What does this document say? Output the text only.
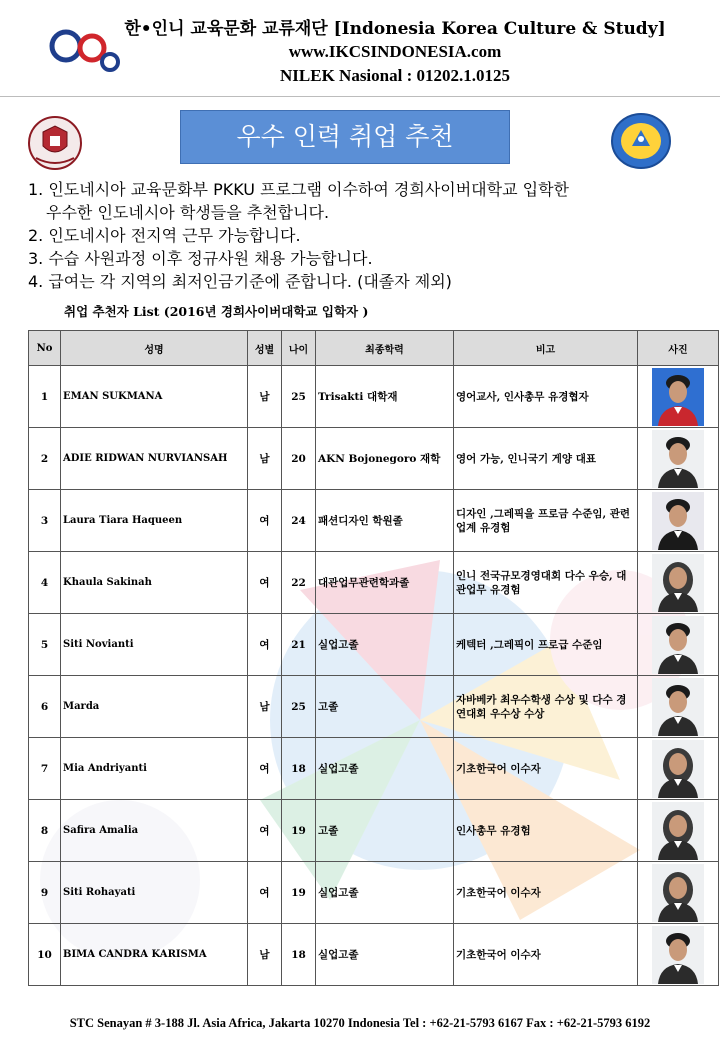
한•인니 교육문화 교류재단 [Indonesia Korea Culture & Study]
www.IKCSINDONESIA.com
NILEK Nasional : 01202.1.0125
우수 인력 취업 추천
1. 인도네시아 교육문화부 PKKU 프로그램 이수하여 경희사이버대학교 입학한
우수한 인도네시아 학생들을 추천합니다.
2. 인도네시아 전지역 근무 가능합니다.
3. 수습 사원과정 이후 정규사원 채용 가능합니다.
4. 급여는 각 지역의 최저인금기준에 준합니다. (대졸자 제외)
취업 추천자 List (2016년 경희사이버대학교 입학자 )
No	성명	성별	나이	최종학력	비고	사진
1	EMAN SUKMANA	남	25	Trisakti 대학재	영어교사, 인사총무 유경협자	
2	ADIE RIDWAN NURVIANSAH	남	20	AKN Bojonegoro 재학	영어 가능, 인니국기 게양 대표	
3	Laura Tiara Haqueen	여	24	패션디자인 학원졸	디자인 ,그레픽을 프로금 수준임, 관련업계 유경험	
4	Khaula Sakinah	여	22	대관업무관련학과졸	인니 전국규모경영대회 다수 우승, 대관업무 유경험	
5	Siti Novianti	여	21	실업고졸	케텍터 ,그레픽이 프로급 수준임	
6	Marda	남	25	고졸	자바베카 최우수학생 수상 및 다수 경연대회 우수상 수상	
7	Mia Andriyanti	여	18	실업고졸	기초한국어 이수자	
8	Safira Amalia	여	19	고졸	인사총무 유경험	
9	Siti Rohayati	여	19	실업고졸	기초한국어 이수자	
10	BIMA CANDRA KARISMA	남	18	실업고졸	기초한국어 이수자	
STC Senayan # 3-188 Jl. Asia Africa, Jakarta 10270 Indonesia Tel : +62-21-5793 6167 Fax : +62-21-5793 6192
